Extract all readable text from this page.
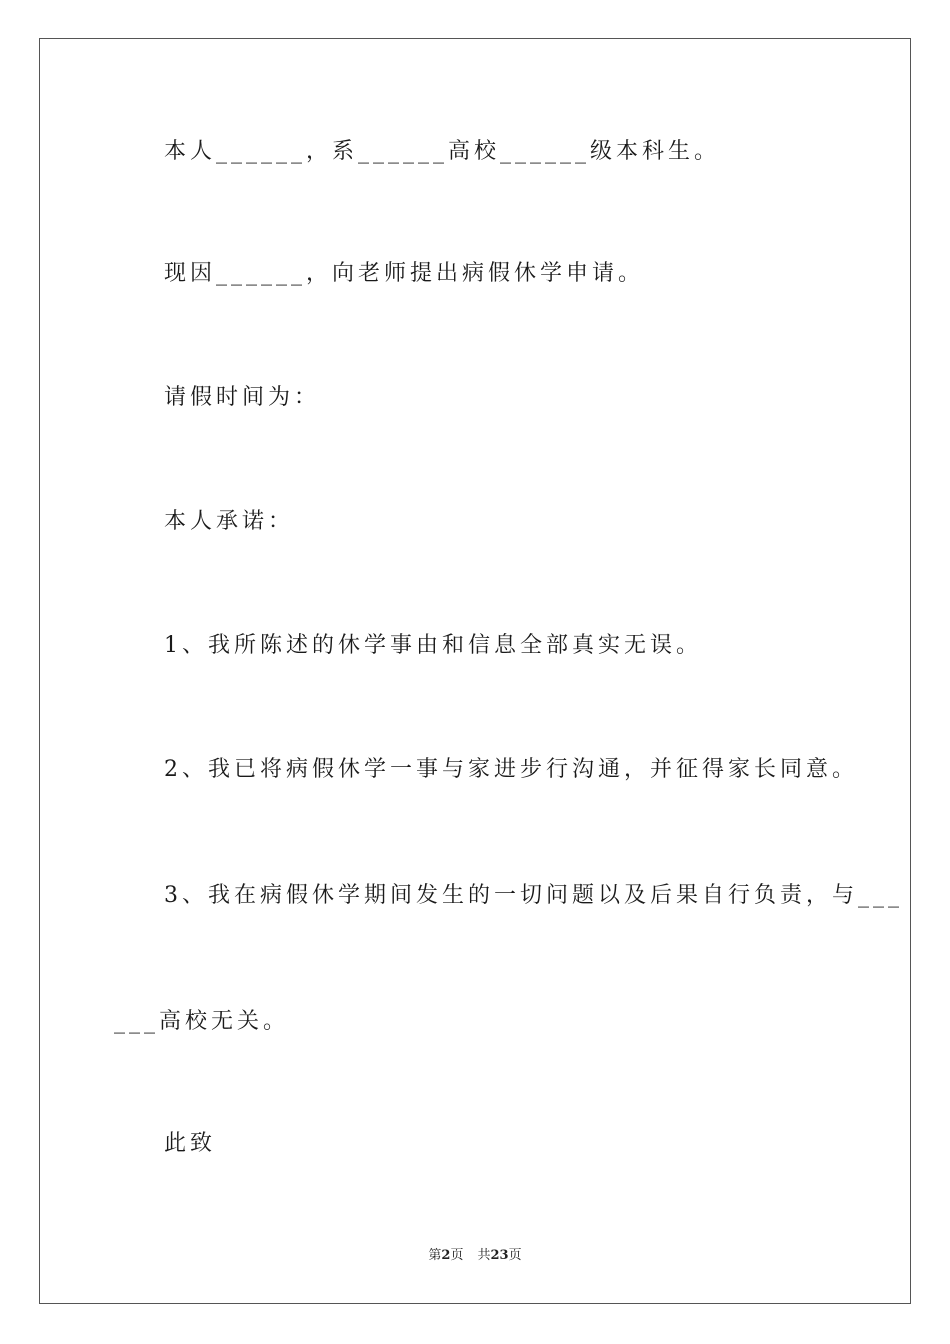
本人______，系______高校______级本科生。

现因______，向老师提出病假休学申请。

请假时间为：

本人承诺：

1、我所陈述的休学事由和信息全部真实无误。

2、我已将病假休学一事与家进步行沟通，并征得家长同意。

3、我在病假休学期间发生的一切问题以及后果自行负责，与___

___高校无关。

此致

第2页 共23页
